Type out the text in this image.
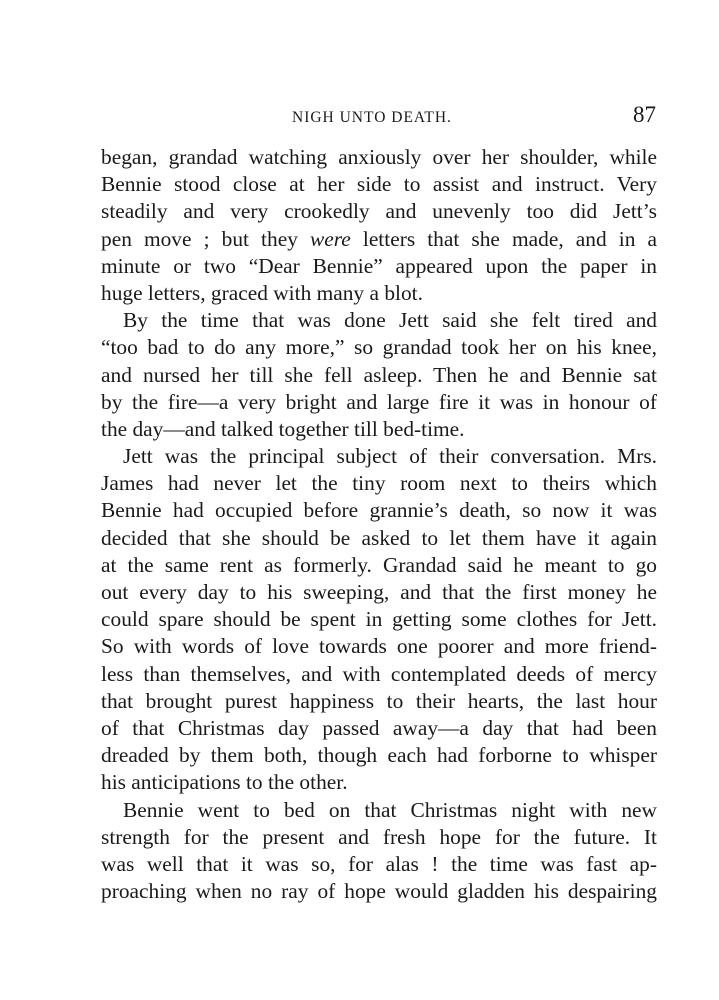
NIGH UNTO DEATH.	87
began, grandad watching anxiously over her shoulder, while
Bennie stood close at her side to assist and instruct. Very
steadily and very crookedly and unevenly too did Jett’s
pen move ; but they were letters that she made, and in a
minute or two “Dear Bennie” appeared upon the paper in
huge letters, graced with many a blot.
By the time that was done Jett said she felt tired and
“too bad to do any more,” so grandad took her on his knee,
and nursed her till she fell asleep. Then he and Bennie sat
by the fire—a very bright and large fire it was in honour of
the day—and talked together till bed-time.
Jett was the principal subject of their conversation. Mrs.
James had never let the tiny room next to theirs which
Bennie had occupied before grannie’s death, so now it was
decided that she should be asked to let them have it again
at the same rent as formerly. Grandad said he meant to go
out every day to his sweeping, and that the first money he
could spare should be spent in getting some clothes for Jett.
So with words of love towards one poorer and more friend-
less than themselves, and with contemplated deeds of mercy
that brought purest happiness to their hearts, the last hour
of that Christmas day passed away—a day that had been
dreaded by them both, though each had forborne to whisper
his anticipations to the other.
Bennie went to bed on that Christmas night with new
strength for the present and fresh hope for the future. It
was well that it was so, for alas ! the time was fast ap-
proaching when no ray of hope would gladden his despairing
